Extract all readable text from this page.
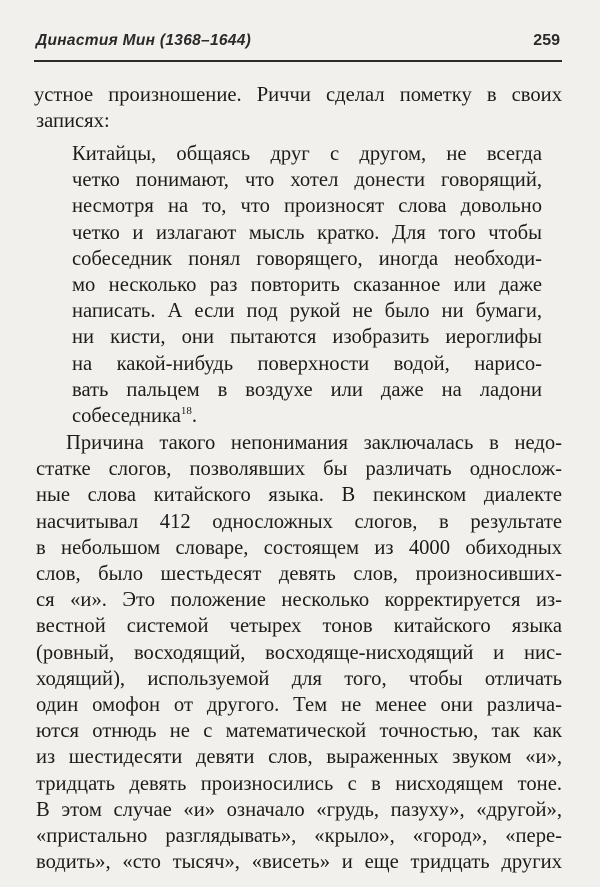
Династия Мин (1368–1644)	259
устное произношение. Риччи сделал пометку в своих
записях:
Китайцы, общаясь друг с другом, не всегда
четко понимают, что хотел донести говорящий,
несмотря на то, что произносят слова довольно
четко и излагают мысль кратко. Для того чтобы
собеседник понял говорящего, иногда необходи-
мо несколько раз повторить сказанное или даже
написать. А если под рукой не было ни бумаги,
ни кисти, они пытаются изобразить иероглифы
на какой-нибудь поверхности водой, нарисо-
вать пальцем в воздухе или даже на ладони
собеседника$^{18}$.
Причина такого непонимания заключалась в недо-
статке слогов, позволявших бы различать однослож-
ные слова китайского языка. В пекинском диалекте
насчитывал 412 односложных слогов, в результате
в небольшом словаре, состоящем из 4000 обиходных
слов, было шестьдесят девять слов, произносивших-
ся «и». Это положение несколько корректируется из-
вестной системой четырех тонов китайского языка
(ровный, восходящий, восходяще-нисходящий и нис-
ходящий), используемой для того, чтобы отличать
один омофон от другого. Тем не менее они различа-
ются отнюдь не с математической точностью, так как
из шестидесяти девяти слов, выраженных звуком «и»,
тридцать девять произносились с в нисходящем тоне.
В этом случае «и» означало «грудь, пазуху», «другой»,
«пристально разглядывать», «крыло», «город», «пере-
водить», «сто тысяч», «висеть» и еще тридцать других
